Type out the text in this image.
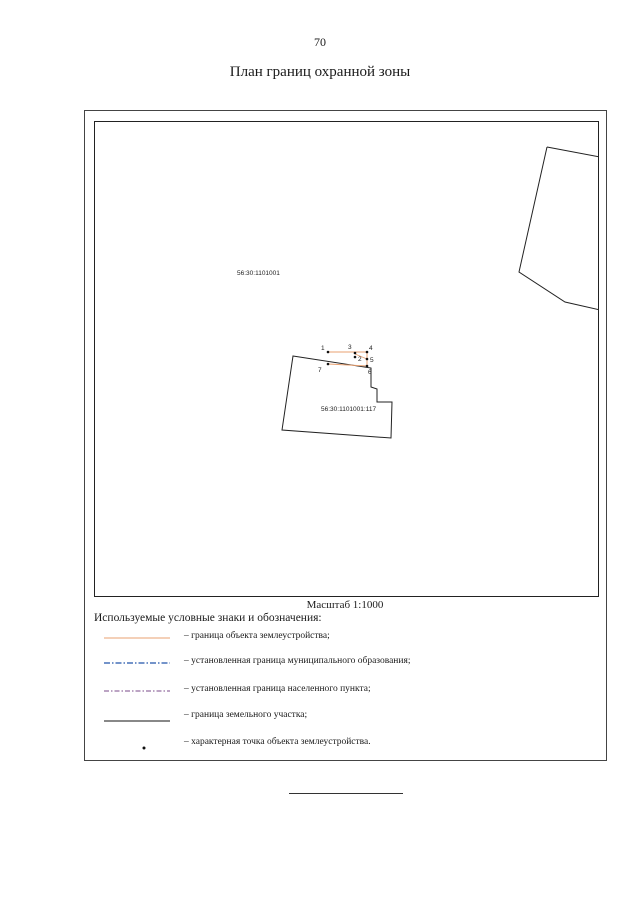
70
План границ охранной зоны
1
2
3	4
5
6
7
56:30:1101001
56:30:1101001:117
Масштаб 1:1000
Используемые условные знаки и обозначения:
– граница объекта землеустройства;
– установленная граница муниципального образования;
– установленная граница населенного пункта;
– граница земельного участка;
– характерная точка объекта землеустройства.
